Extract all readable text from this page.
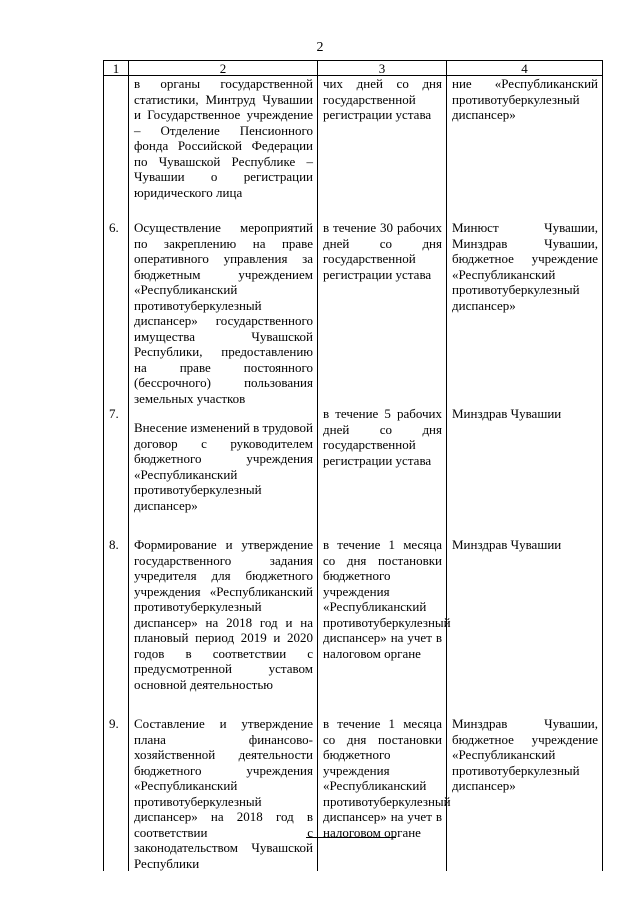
2
1	2	3	4
	в органы государственной статистики, Минтруд Чувашии и Государственное учреждение – Отделение Пенсионного фонда Российской Федерации по Чувашской Республике – Чувашии о регистрации юридического лица	чих дней со дня государственной регистрации устава	ние «Республиканский противотуберкулезный диспансер»
6.	Осуществление мероприятий по закреплению на праве оперативного управления за бюджетным учреждением «Республиканский противотуберкулезный диспансер» государственного имущества Чувашской Республики, предоставлению на праве постоянного (бессрочного) пользования земельных участков	в течение 30 рабочих дней со дня государственной регистрации устава	Минюст Чувашии, Минздрав Чувашии, бюджетное учреждение «Республиканский противотуберкулезный диспансер»
7.	Внесение изменений в трудовой договор с руководителем бюджетного учреждения «Республиканский противотуберкулезный диспансер»	в течение 5 рабочих дней со дня государственной регистрации устава	Минздрав Чувашии
8.	Формирование и утверждение государственного задания учредителя для бюджетного учреждения «Республиканский противотуберкулезный диспансер» на 2018 год и на плановый период 2019 и 2020 годов в соответствии с предусмотренной уставом основной деятельностью	в течение 1 месяца со дня постановки бюджетного учреждения «Республиканский противотуберкулезный диспансер» на учет в налоговом органе	Минздрав Чувашии
9.	Составление и утверждение плана финансово-хозяйственной деятельности бюджетного учреждения «Республиканский противотуберкулезный диспансер» на 2018 год в соответствии с законодательством Чувашской Республики	в течение 1 месяца со дня постановки бюджетного учреждения «Республиканский противотуберкулезный диспансер» на учет в налоговом органе	Минздрав Чувашии, бюджетное учреждение «Республиканский противотуберкулезный диспансер»
